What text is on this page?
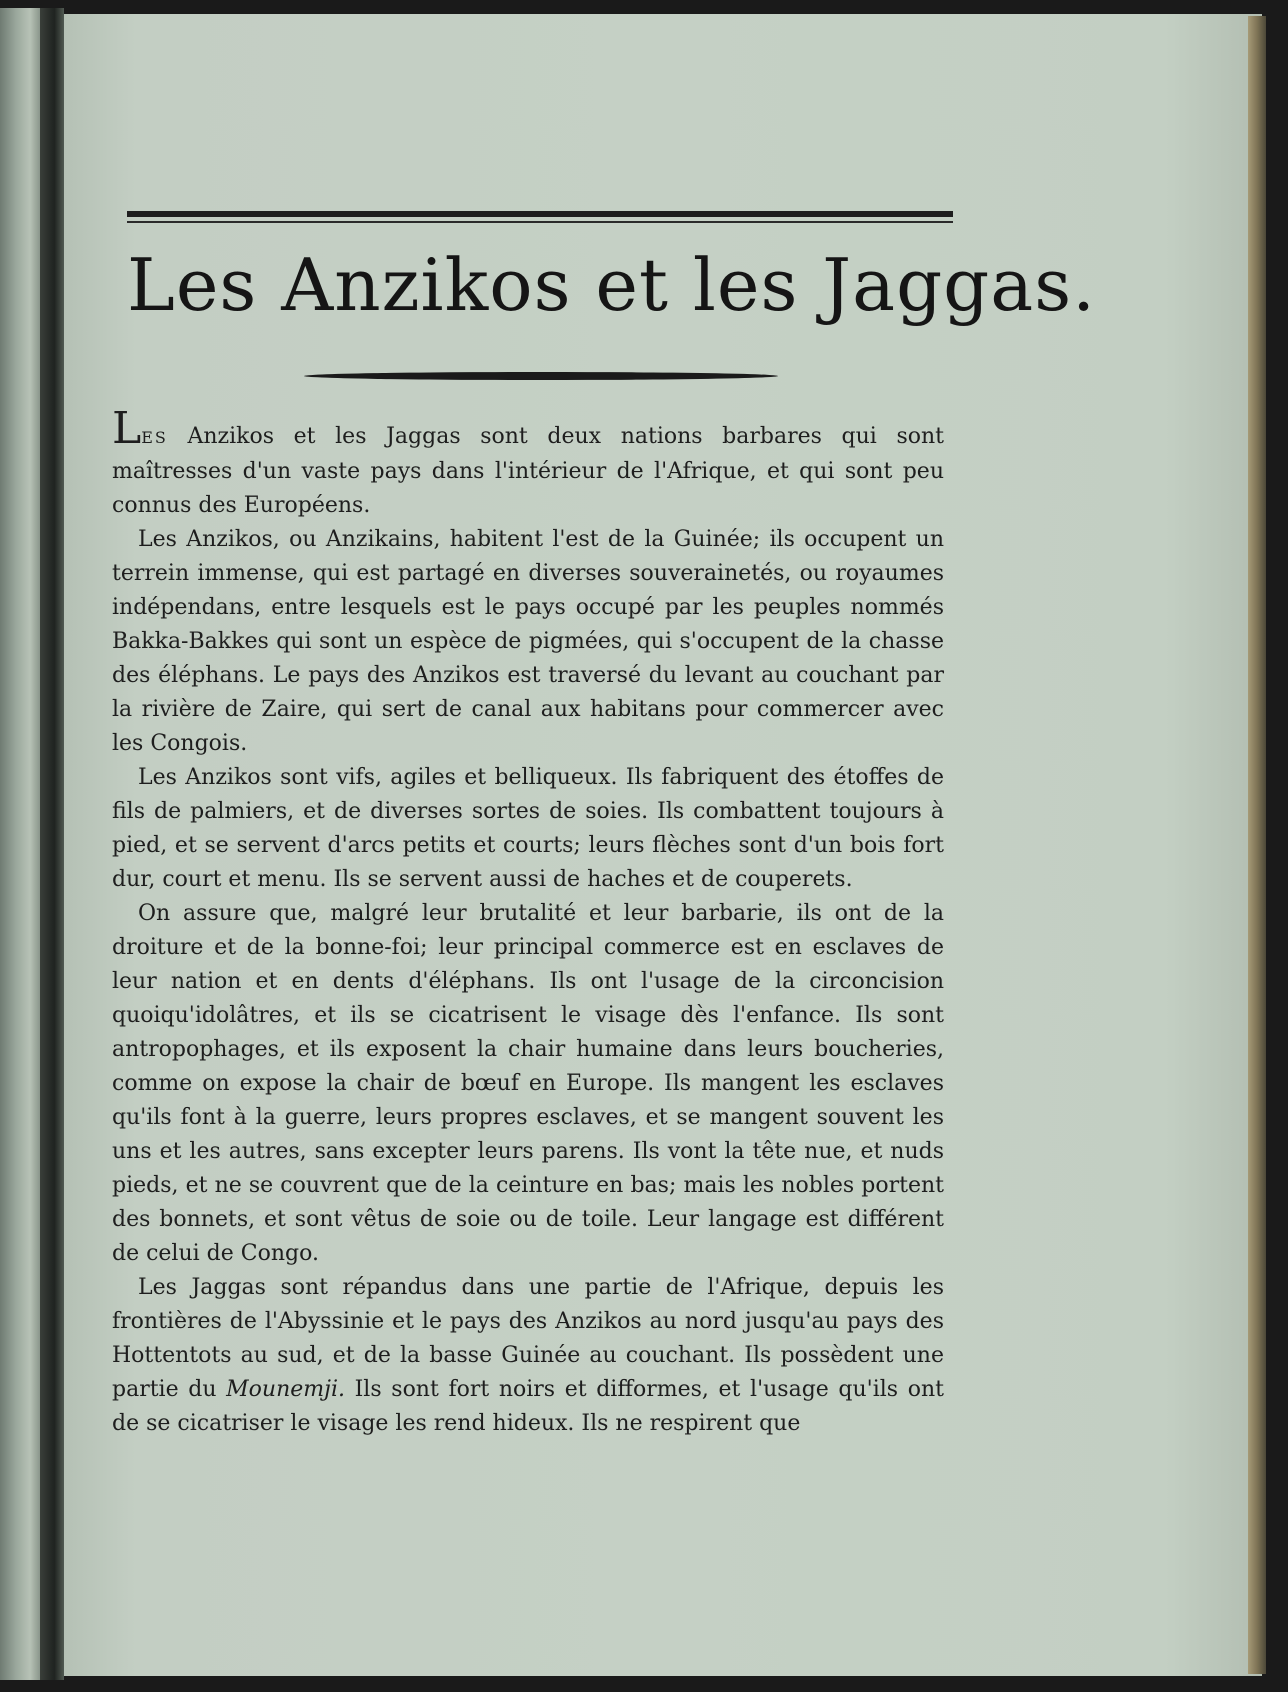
Les Anzikos et les Jaggas.

LES Anzikos et les Jaggas sont deux nations barbares qui sont maîtresses d'un vaste pays dans l'intérieur de l'Afrique, et qui sont peu connus des Européens.

Les Anzikos, ou Anzikains, habitent l'est de la Guinée; ils occupent un terrein immense, qui est partagé en diverses souverainetés, ou royaumes indépendans, entre lesquels est le pays occupé par les peuples nommés Bakka-Bakkes qui sont un espèce de pigmées, qui s'occupent de la chasse des éléphans. Le pays des Anzikos est traversé du levant au couchant par la rivière de Zaire, qui sert de canal aux habitans pour commercer avec les Congois.

Les Anzikos sont vifs, agiles et belliqueux. Ils fabriquent des étoffes de fils de palmiers, et de diverses sortes de soies. Ils combattent toujours à pied, et se servent d'arcs petits et courts; leurs flèches sont d'un bois fort dur, court et menu. Ils se servent aussi de haches et de couperets.

On assure que, malgré leur brutalité et leur barbarie, ils ont de la droiture et de la bonne-foi; leur principal commerce est en esclaves de leur nation et en dents d'éléphans. Ils ont l'usage de la circoncision quoiqu'idolâtres, et ils se cicatrisent le visage dès l'enfance. Ils sont antropophages, et ils exposent la chair humaine dans leurs boucheries, comme on expose la chair de bœuf en Europe. Ils mangent les esclaves qu'ils font à la guerre, leurs propres esclaves, et se mangent souvent les uns et les autres, sans excepter leurs parens. Ils vont la tête nue, et nuds pieds, et ne se couvrent que de la ceinture en bas; mais les nobles portent des bonnets, et sont vêtus de soie ou de toile. Leur langage est différent de celui de Congo.

Les Jaggas sont répandus dans une partie de l'Afrique, depuis les frontières de l'Abyssinie et le pays des Anzikos au nord jusqu'au pays des Hottentots au sud, et de la basse Guinée au couchant. Ils possèdent une partie du Mounemji. Ils sont fort noirs et difformes, et l'usage qu'ils ont de se cicatriser le visage les rend hideux. Ils ne respirent que
